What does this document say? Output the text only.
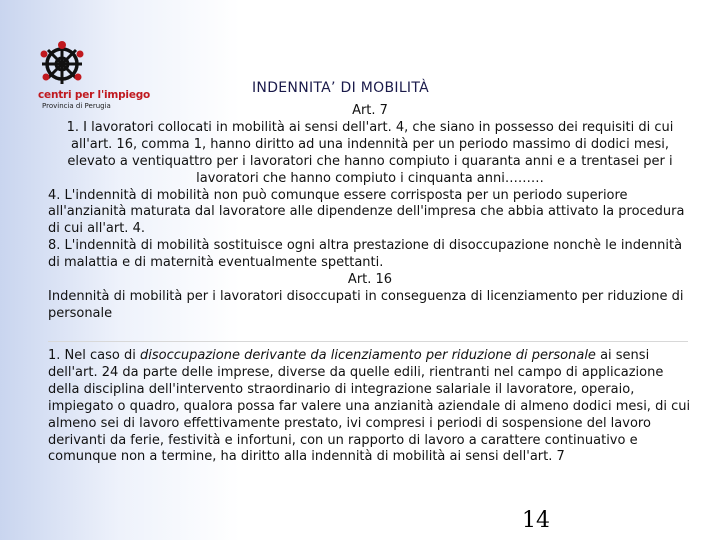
centri per l'impiego
Provincia di Perugia
INDENNITA’ DI MOBILITÀ

Art. 7

1. I lavoratori collocati in mobilità ai sensi dell'art. 4, che siano in possesso dei requisiti di cui all'art. 16, comma 1, hanno diritto ad una indennità per un periodo massimo di dodici mesi, elevato a ventiquattro per i lavoratori che hanno compiuto i quaranta anni e a trentasei per i lavoratori che hanno compiuto i cinquanta anni………

4. L'indennità di mobilità non può comunque essere corrisposta per un periodo superiore all'anzianità maturata dal lavoratore alle dipendenze dell'impresa che abbia attivato la procedura di cui all'art. 4.

8. L'indennità di mobilità sostituisce ogni altra prestazione di disoccupazione nonchè le indennità di malattia e di maternità eventualmente spettanti.

Art. 16

Indennità di mobilità per i lavoratori disoccupati in conseguenza di licenziamento per riduzione di personale

1. Nel caso di disoccupazione derivante da licenziamento per riduzione di personale ai sensi dell'art. 24 da parte delle imprese, diverse da quelle edili, rientranti nel campo di applicazione della disciplina dell'intervento straordinario di integrazione salariale il lavoratore, operaio, impiegato o quadro, qualora possa far valere una anzianità aziendale di almeno dodici mesi, di cui almeno sei di lavoro effettivamente prestato, ivi compresi i periodi di sospensione del lavoro derivanti da ferie, festività e infortuni, con un rapporto di lavoro a carattere continuativo e comunque non a termine, ha diritto alla indennità di mobilità ai sensi dell'art. 7
14
